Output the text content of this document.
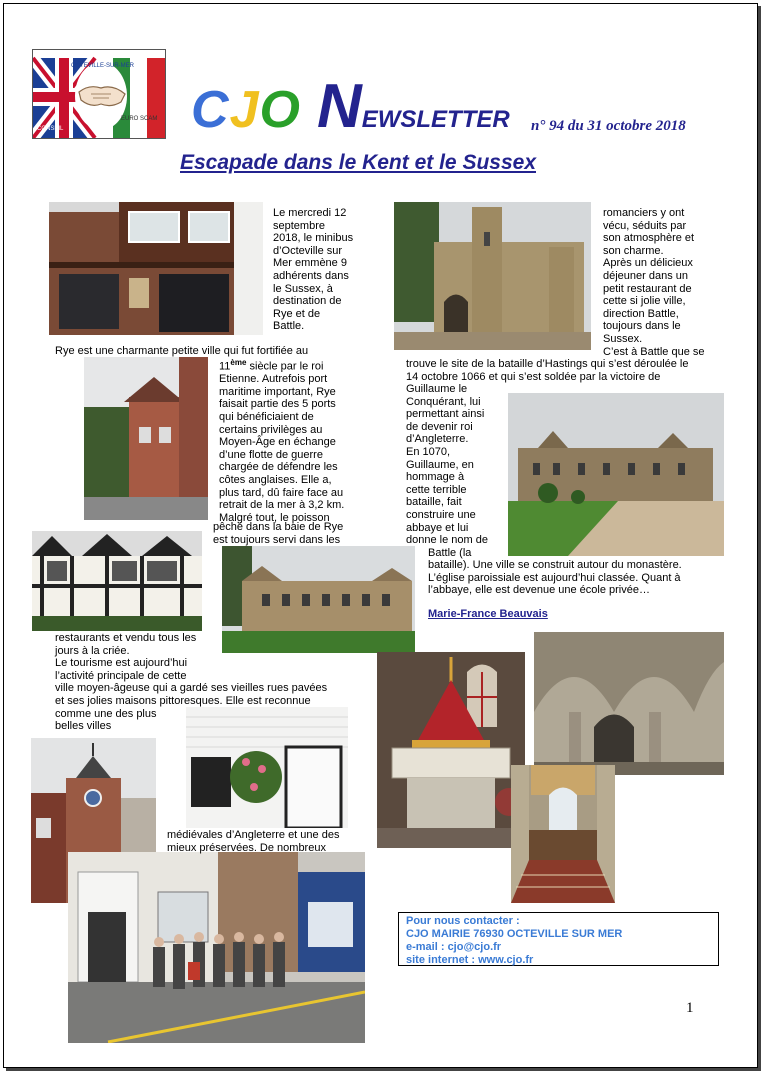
OCTEVILLE-SUR-MER
EURO SCAM
CONSEIL CJO NEWSLETTER n° 94 du 31 octobre 2018
Escapade dans le Kent et le Sussex
Le mercredi 12
septembre
2018, le minibus
d’Octeville sur
Mer emmène 9
adhérents dans
le Sussex, à
destination de
Rye et de
Battle.
Rye est une charmante petite ville qui fut fortifiée au
11ème siècle par le roi
Etienne. Autrefois port
maritime important, Rye
faisait partie des 5 ports
qui bénéficiaient de
certains privilèges au
Moyen-Âge en échange
d’une flotte de guerre
chargée de défendre les
côtes anglaises. Elle a,
plus tard, dû faire face au
retrait de la mer à 3,2 km.
Malgré tout, le poisson
pêché dans la baie de Rye
est toujours servi dans les
restaurants et vendu tous les
jours à la criée.
Le tourisme est aujourd’hui
l’activité principale de cette
ville moyen-âgeuse qui a gardé ses vieilles rues pavées
et ses jolies maisons pittoresques. Elle est reconnue
comme une des plus
belles villes
médiévales d’Angleterre et une des
mieux préservées. De nombreux
romanciers y ont
vécu, séduits par
son atmosphère et
son charme.
Après un délicieux
déjeuner dans un
petit restaurant de
cette si jolie ville,
direction Battle,
toujours dans le
Sussex.
C’est à Battle que se
trouve le site de la bataille d’Hastings qui s’est déroulée le
14 octobre 1066 et qui s’est soldée par la victoire de
Guillaume le
Conquérant, lui
permettant ainsi
de devenir roi
d’Angleterre.
En 1070,
Guillaume, en
hommage à
cette terrible
bataille, fait
construire une
abbaye et lui
donne le nom de
Battle (la
bataille). Une ville se construit autour du monastère.
L’église paroissiale est aujourd’hui classée. Quant à
l’abbaye, elle est devenue une école privée…
Marie-France Beauvais
Pour nous contacter :
CJO MAIRIE 76930 OCTEVILLE SUR MER
e-mail : cjo@cjo.fr
site internet : www.cjo.fr
1
